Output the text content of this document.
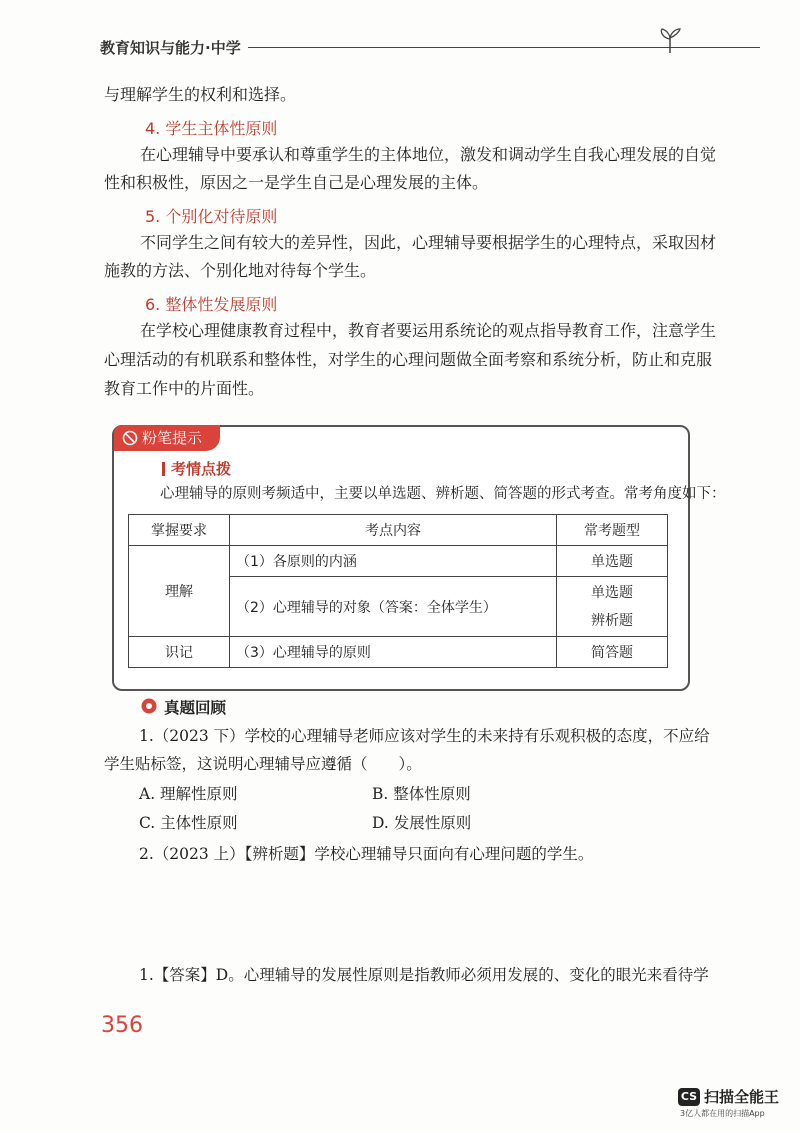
教育知识与能力·中学
与理解学生的权利和选择。
4. 学生主体性原则
在心理辅导中要承认和尊重学生的主体地位，激发和调动学生自我心理发展的自觉
性和积极性，原因之一是学生自己是心理发展的主体。
5. 个别化对待原则
不同学生之间有较大的差异性，因此，心理辅导要根据学生的心理特点，采取因材
施教的方法、个别化地对待每个学生。
6. 整体性发展原则
在学校心理健康教育过程中，教育者要运用系统论的观点指导教育工作，注意学生
心理活动的有机联系和整体性，对学生的心理问题做全面考察和系统分析，防止和克服
教育工作中的片面性。
粉笔提示
考情点拨
心理辅导的原则考频适中，主要以单选题、辨析题、简答题的形式考查。常考角度如下：
掌握要求	考点内容	常考题型
理解	（1）各原则的内涵	单选题
	（2）心理辅导的对象（答案：全体学生）	单选题
辨析题

识记	（3）心理辅导的原则	简答题
真题回顾
1.（2023 下）学校的心理辅导老师应该对学生的未来持有乐观积极的态度，不应给
学生贴标签，这说明心理辅导应遵循（　　）。
A. 理解性原则	B. 整体性原则
C. 主体性原则	D. 发展性原则
2.（2023 上）【辨析题】学校心理辅导只面向有心理问题的学生。
1.【答案】D。心理辅导的发展性原则是指教师必须用发展的、变化的眼光来看待学
356
CS 扫描全能王
3亿人都在用的扫描App
